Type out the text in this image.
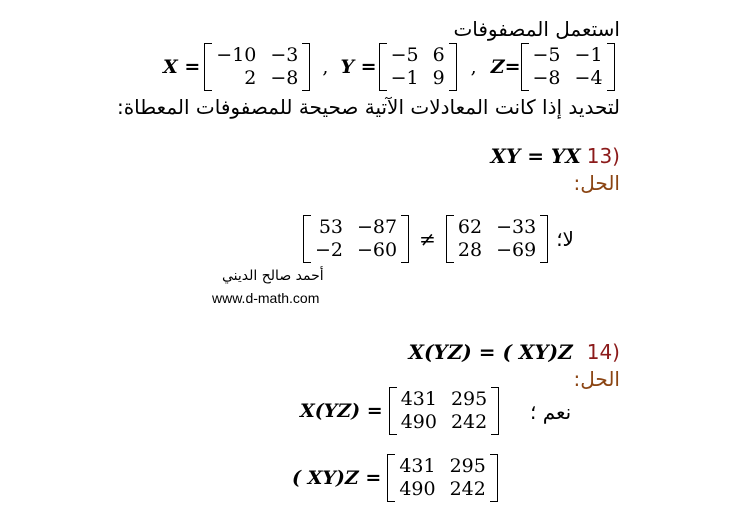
استعمل المصفوفات
X =
−10 −3
2 −8 , Y =
−5 6
−1 9 , Z=
−5 −1
−8 −4
لتحديد إذا كانت المعادلات الآتية صحيحة للمصفوفات المعطاة:
XY = YX 13)
الحل:
53 −87
−2 −60 ≠ 62 −33
28 −69 لا؛
أحمد صالح الديني
www.d-math.com
X(YZ) = ( XY)Z 14)
الحل:
X(YZ) =
431 295
490 242 نعم ؛
( XY)Z =
431 295
490 242
